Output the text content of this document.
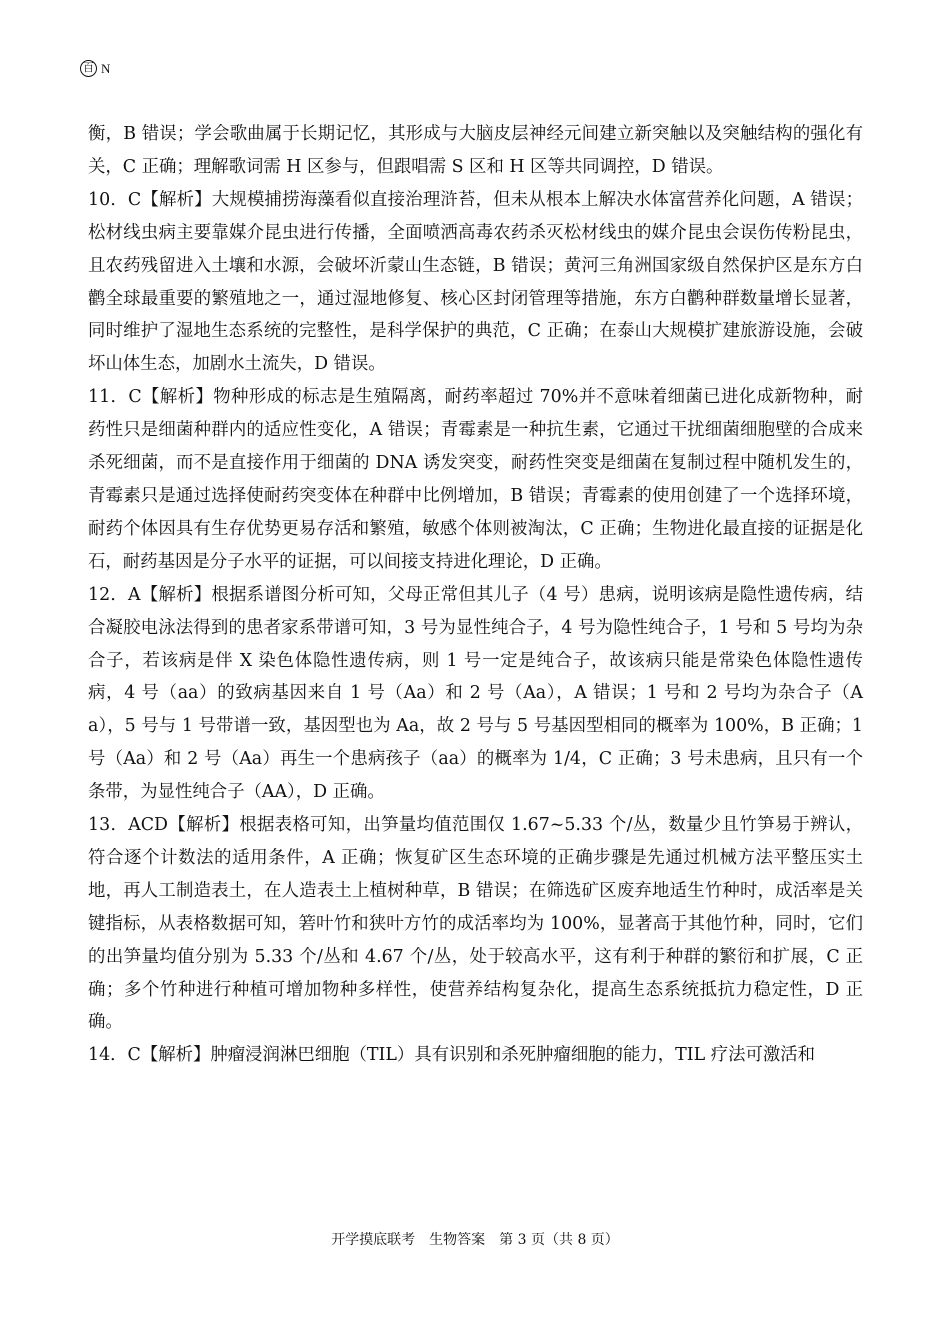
百 N

衡，B 错误；学会歌曲属于长期记忆，其形成与大脑皮层神经元间建立新突触以及突触结构的强化有关，C 正确；理解歌词需 H 区参与，但跟唱需 S 区和 H 区等共同调控，D 错误。

10．C【解析】大规模捕捞海藻看似直接治理浒苔，但未从根本上解决水体富营养化问题，A 错误；松材线虫病主要靠媒介昆虫进行传播，全面喷洒高毒农药杀灭松材线虫的媒介昆虫会误伤传粉昆虫，且农药残留进入土壤和水源，会破坏沂蒙山生态链，B 错误；黄河三角洲国家级自然保护区是东方白鹳全球最重要的繁殖地之一，通过湿地修复、核心区封闭管理等措施，东方白鹳种群数量增长显著，同时维护了湿地生态系统的完整性，是科学保护的典范，C 正确；在泰山大规模扩建旅游设施，会破坏山体生态，加剧水土流失，D 错误。

11．C【解析】物种形成的标志是生殖隔离，耐药率超过 70%并不意味着细菌已进化成新物种，耐药性只是细菌种群内的适应性变化，A 错误；青霉素是一种抗生素，它通过干扰细菌细胞壁的合成来杀死细菌，而不是直接作用于细菌的 DNA 诱发突变，耐药性突变是细菌在复制过程中随机发生的，青霉素只是通过选择使耐药突变体在种群中比例增加，B 错误；青霉素的使用创建了一个选择环境，耐药个体因具有生存优势更易存活和繁殖，敏感个体则被淘汰，C 正确；生物进化最直接的证据是化石，耐药基因是分子水平的证据，可以间接支持进化理论，D 正确。

12．A【解析】根据系谱图分析可知，父母正常但其儿子（4 号）患病，说明该病是隐性遗传病，结合凝胶电泳法得到的患者家系带谱可知，3 号为显性纯合子，4 号为隐性纯合子，1 号和 5 号均为杂合子，若该病是伴 X 染色体隐性遗传病，则 1 号一定是纯合子，故该病只能是常染色体隐性遗传病，4 号（aa）的致病基因来自 1 号（Aa）和 2 号（Aa），A 错误；1 号和 2 号均为杂合子（Aa），5 号与 1 号带谱一致，基因型也为 Aa，故 2 号与 5 号基因型相同的概率为 100%，B 正确；1 号（Aa）和 2 号（Aa）再生一个患病孩子（aa）的概率为 1/4，C 正确；3 号未患病，且只有一个条带，为显性纯合子（AA），D 正确。

13．ACD【解析】根据表格可知，出笋量均值范围仅 1.67~5.33 个/丛，数量少且竹笋易于辨认，符合逐个计数法的适用条件，A 正确；恢复矿区生态环境的正确步骤是先通过机械方法平整压实土地，再人工制造表土，在人造表土上植树种草，B 错误；在筛选矿区废弃地适生竹种时，成活率是关键指标，从表格数据可知，箬叶竹和狭叶方竹的成活率均为 100%，显著高于其他竹种，同时，它们的出笋量均值分别为 5.33 个/丛和 4.67 个/丛，处于较高水平，这有利于种群的繁衍和扩展，C 正确；多个竹种进行种植可增加物种多样性，使营养结构复杂化，提高生态系统抵抗力稳定性，D 正确。

14．C【解析】肿瘤浸润淋巴细胞（TIL）具有识别和杀死肿瘤细胞的能力，TIL 疗法可激活和

开学摸底联考　生物答案　第 3 页（共 8 页）
